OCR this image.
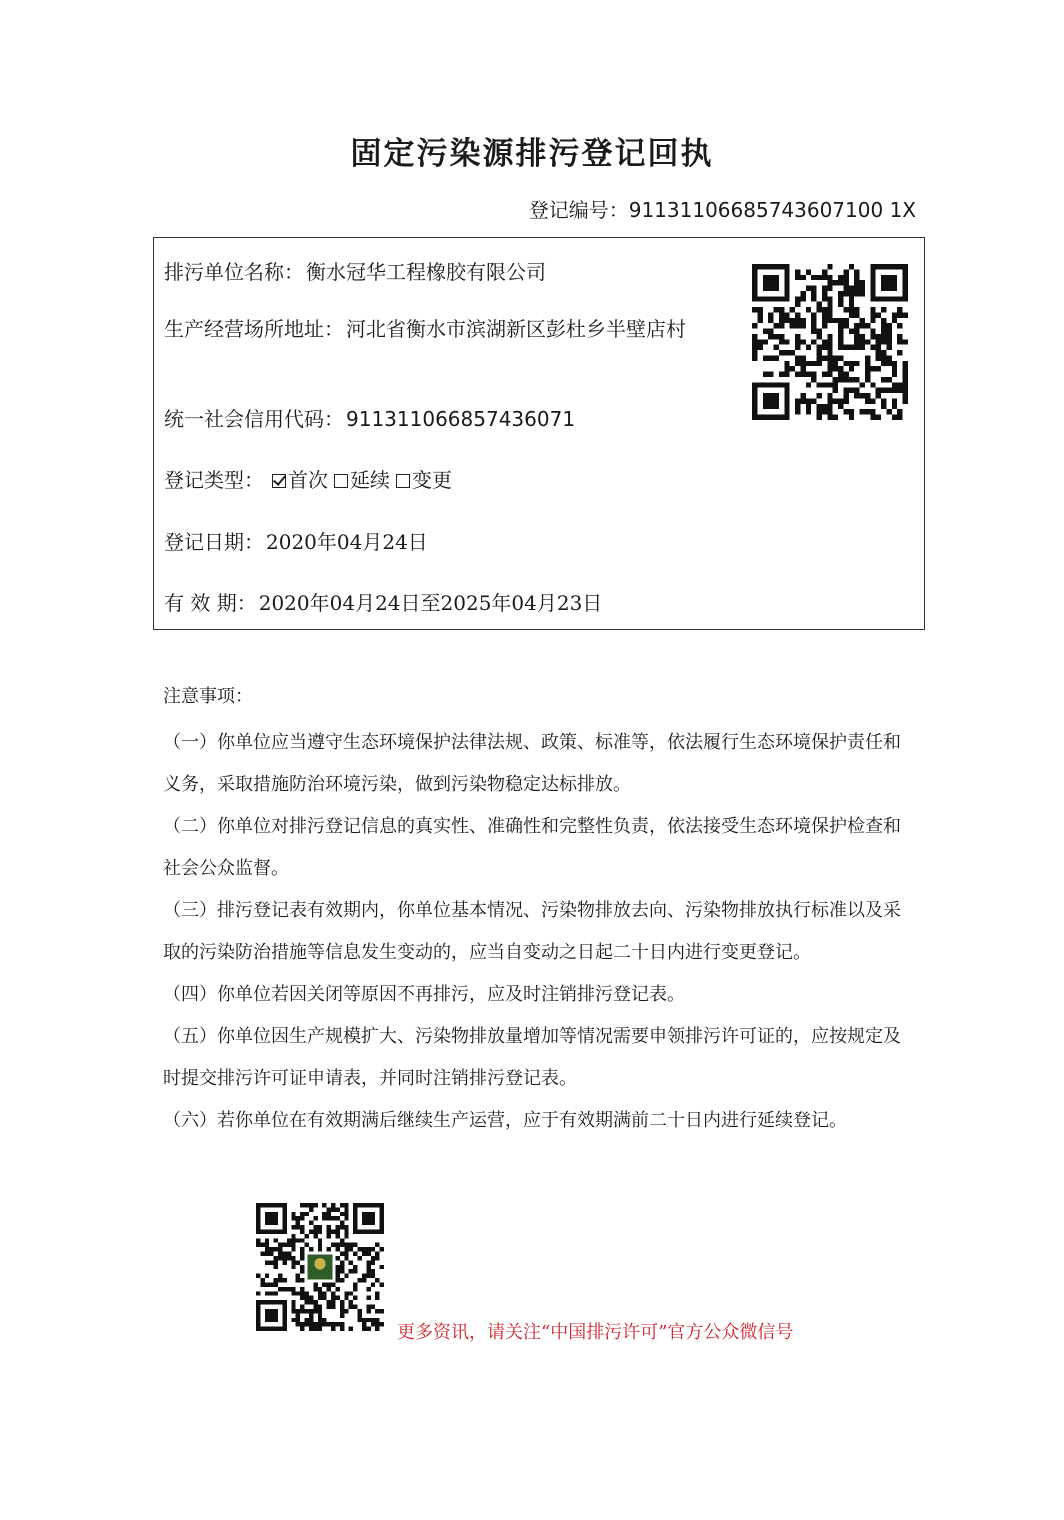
固定污染源排污登记回执
登记编号：91131106685743607100 1X
排污单位名称： 衡水冠华工程橡胶有限公司
生产经营场所地址： 河北省衡水市滨湖新区彭杜乡半壁店村
统一社会信用代码： 911311066857436071
登记类型： 首次 延续 变更
登记日期： 2020年04月24日
有 效 期： 2020年04月24日至2025年04月23日
注意事项：

（一）你单位应当遵守生态环境保护法律法规、政策、标准等，依法履行生态环境保护责任和义务，采取措施防治环境污染，做到污染物稳定达标排放。

（二）你单位对排污登记信息的真实性、准确性和完整性负责，依法接受生态环境保护检查和社会公众监督。

（三）排污登记表有效期内，你单位基本情况、污染物排放去向、污染物排放执行标准以及采取的污染防治措施等信息发生变动的，应当自变动之日起二十日内进行变更登记。

（四）你单位若因关闭等原因不再排污，应及时注销排污登记表。

（五）你单位因生产规模扩大、污染物排放量增加等情况需要申领排污许可证的，应按规定及时提交排污许可证申请表，并同时注销排污登记表。

（六）若你单位在有效期满后继续生产运营，应于有效期满前二十日内进行延续登记。

更多资讯，请关注“中国排污许可”官方公众微信号
